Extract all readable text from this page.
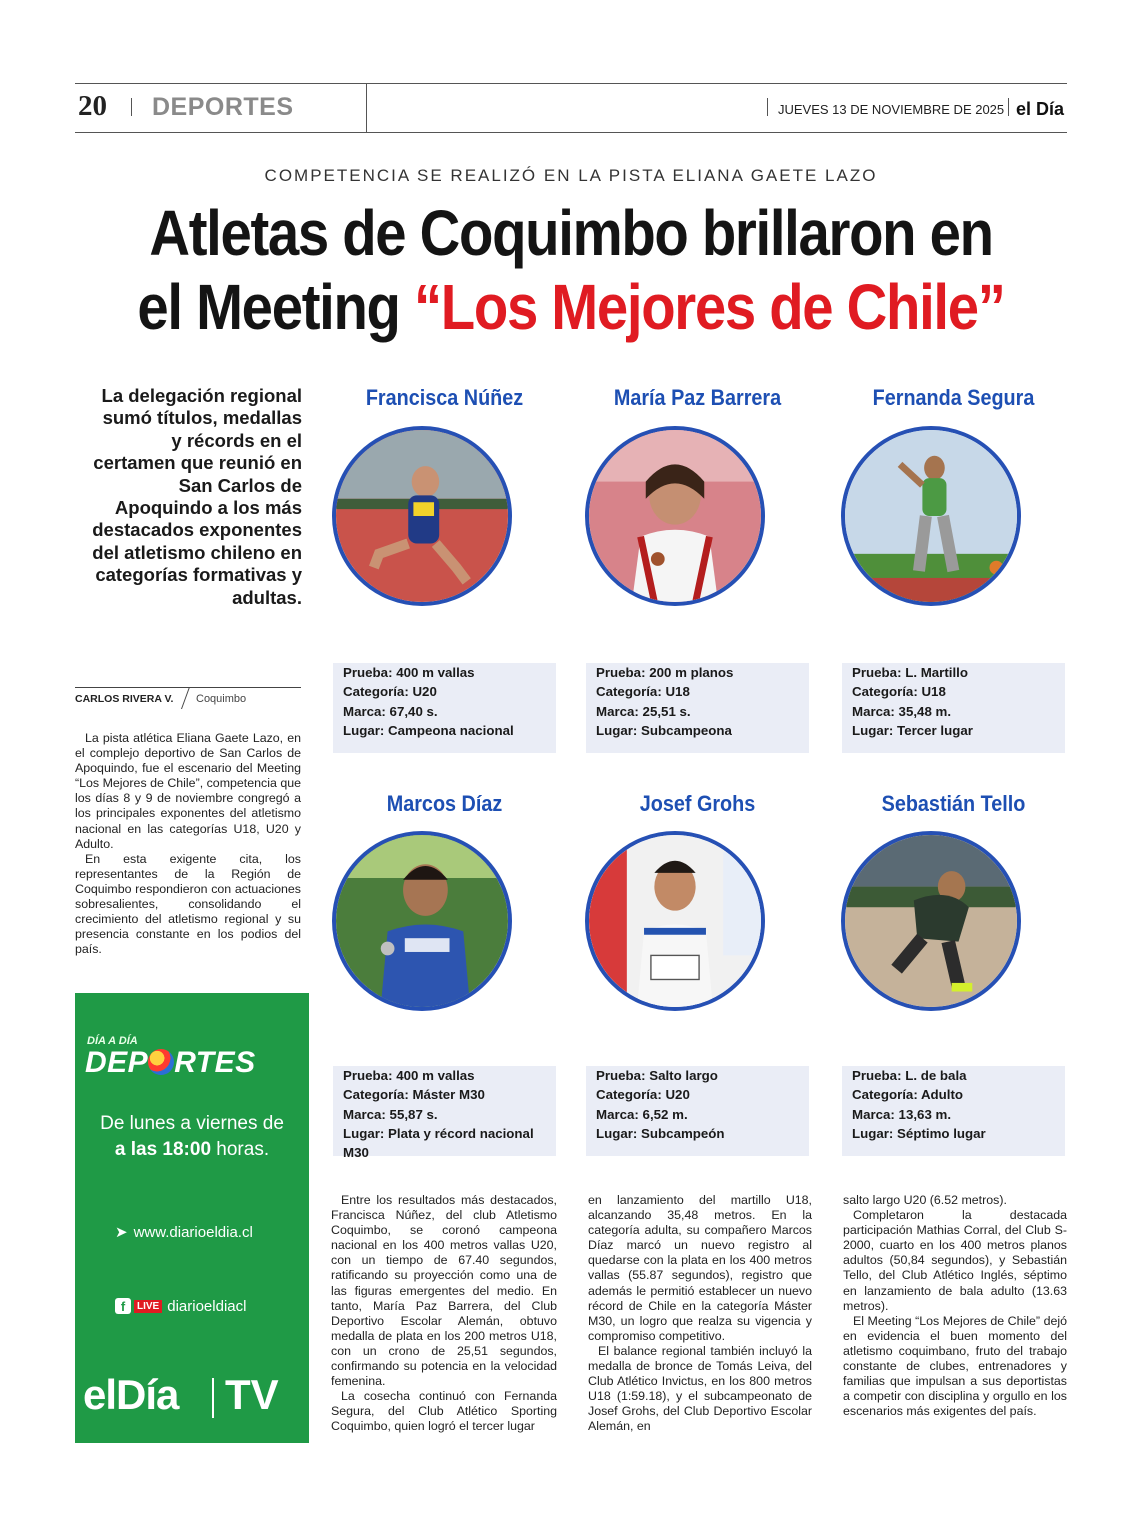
20 DEPORTES	JUEVES 13 DE NOVIEMBRE DE 2025 el Día
COMPETENCIA SE REALIZÓ EN LA PISTA ELIANA GAETE LAZO
Atletas de Coquimbo brillaron en
el Meeting “Los Mejores de Chile”
La delegación regional sumó títulos, medallas y récords en el certamen que reunió en San Carlos de Apoquindo a los más destacados exponentes del atletismo chileno en categorías formativas y adultas.
CARLOS RIVERA V. Coquimbo

La pista atlética Eliana Gaete Lazo, en el complejo deportivo de San Carlos de Apoquindo, fue el escenario del Meeting “Los Mejores de Chile”, competencia que los días 8 y 9 de noviembre congregó a los principales exponentes del atletismo nacional en las categorías U18, U20 y Adulto.

En esta exigente cita, los representantes de la Región de Coquimbo respondieron con actuaciones sobresalientes, consolidando el crecimiento del atletismo regional y su presencia constante en los podios del país.

DÍA A DÍA
DEP RTES
De lunes a viernes de
a las 18:00 horas.
➤ www.diarioeldia.cl
f LIVE diarioeldiacl
elDía TV
Francisca Núñez
Prueba: 400 m vallas
Categoría: U20
Marca: 67,40 s.
Lugar: Campeona nacional
María Paz Barrera
Prueba: 200 m planos
Categoría: U18
Marca: 25,51 s.
Lugar: Subcampeona
Fernanda Segura
Prueba: L. Martillo
Categoría: U18
Marca: 35,48 m.
Lugar: Tercer lugar
Marcos Díaz
Prueba: 400 m vallas
Categoría: Máster M30
Marca: 55,87 s.
Lugar: Plata y récord nacional M30
Josef Grohs
Prueba: Salto largo
Categoría: U20
Marca: 6,52 m.
Lugar: Subcampeón
Sebastián Tello
Prueba: L. de bala
Categoría: Adulto
Marca: 13,63 m.
Lugar: Séptimo lugar

Entre los resultados más destacados, Francisca Núñez, del club Atletismo Coquimbo, se coronó campeona nacional en los 400 metros vallas U20, con un tiempo de 67.40 segundos, ratificando su proyección como una de las figuras emergentes del medio. En tanto, María Paz Barrera, del Club Deportivo Escolar Alemán, obtuvo medalla de plata en los 200 metros U18, con un crono de 25,51 segundos, confirmando su potencia en la velocidad femenina.

La cosecha continuó con Fernanda Segura, del Club Atlético Sporting Coquimbo, quien logró el tercer lugar

en lanzamiento del martillo U18, alcanzando 35,48 metros. En la categoría adulta, su compañero Marcos Díaz marcó un nuevo registro al quedarse con la plata en los 400 metros vallas (55.87 segundos), registro que además le permitió establecer un nuevo récord de Chile en la categoría Máster M30, un logro que realza su vigencia y compromiso competitivo.

El balance regional también incluyó la medalla de bronce de Tomás Leiva, del Club Atlético Invictus, en los 800 metros U18 (1:59.18), y el subcampeonato de Josef Grohs, del Club Deportivo Escolar Alemán, en

salto largo U20 (6.52 metros).

Completaron la destacada participación Mathias Corral, del Club S-2000, cuarto en los 400 metros planos adultos (50,84 segundos), y Sebastián Tello, del Club Atlético Inglés, séptimo en lanzamiento de bala adulto (13.63 metros).

El Meeting “Los Mejores de Chile” dejó en evidencia el buen momento del atletismo coquimbano, fruto del trabajo constante de clubes, entrenadores y familias que impulsan a sus deportistas a competir con disciplina y orgullo en los escenarios más exigentes del país.
